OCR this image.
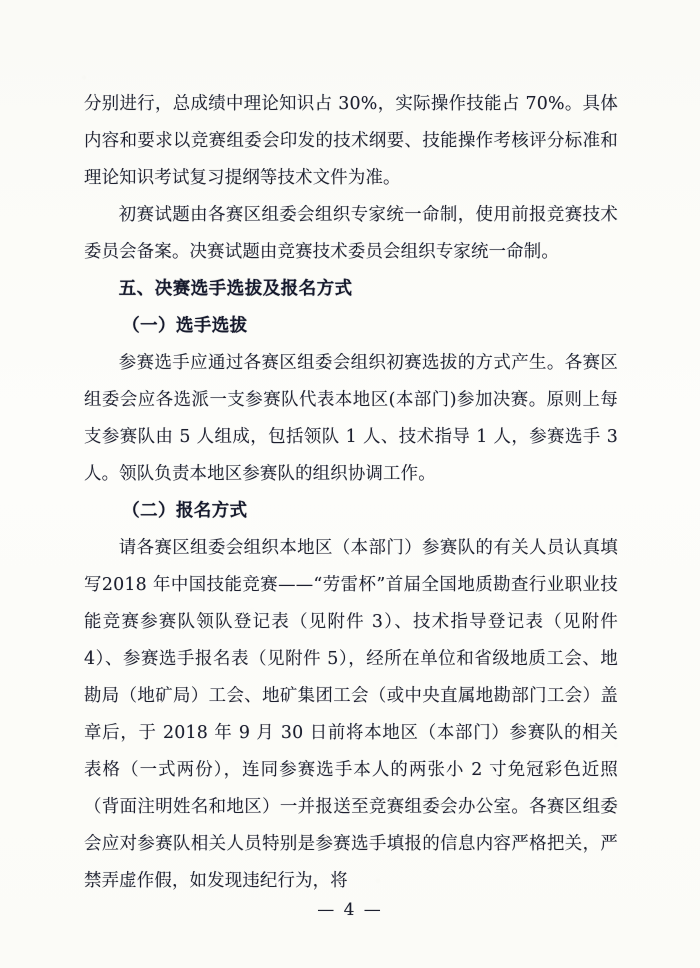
分别进行，总成绩中理论知识占 30%，实际操作技能占 70%。具体内容和要求以竞赛组委会印发的技术纲要、技能操作考核评分标准和理论知识考试复习提纲等技术文件为准。

初赛试题由各赛区组委会组织专家统一命制，使用前报竞赛技术委员会备案。决赛试题由竞赛技术委员会组织专家统一命制。

五、决赛选手选拔及报名方式

（一）选手选拔

参赛选手应通过各赛区组委会组织初赛选拔的方式产生。各赛区组委会应各选派一支参赛队代表本地区(本部门)参加决赛。原则上每支参赛队由 5 人组成，包括领队 1 人、技术指导 1 人，参赛选手 3 人。领队负责本地区参赛队的组织协调工作。

（二）报名方式

请各赛区组委会组织本地区（本部门）参赛队的有关人员认真填写2018 年中国技能竞赛——“劳雷杯”首届全国地质勘查行业职业技能竞赛参赛队领队登记表（见附件 3）、技术指导登记表（见附件 4）、参赛选手报名表（见附件 5），经所在单位和省级地质工会、地勘局（地矿局）工会、地矿集团工会（或中央直属地勘部门工会）盖章后，于 2018 年 9 月 30 日前将本地区（本部门）参赛队的相关表格（一式两份），连同参赛选手本人的两张小 2 寸免冠彩色近照（背面注明姓名和地区）一并报送至竞赛组委会办公室。各赛区组委会应对参赛队相关人员特别是参赛选手填报的信息内容严格把关，严禁弄虚作假，如发现违纪行为，将

— 4 —
